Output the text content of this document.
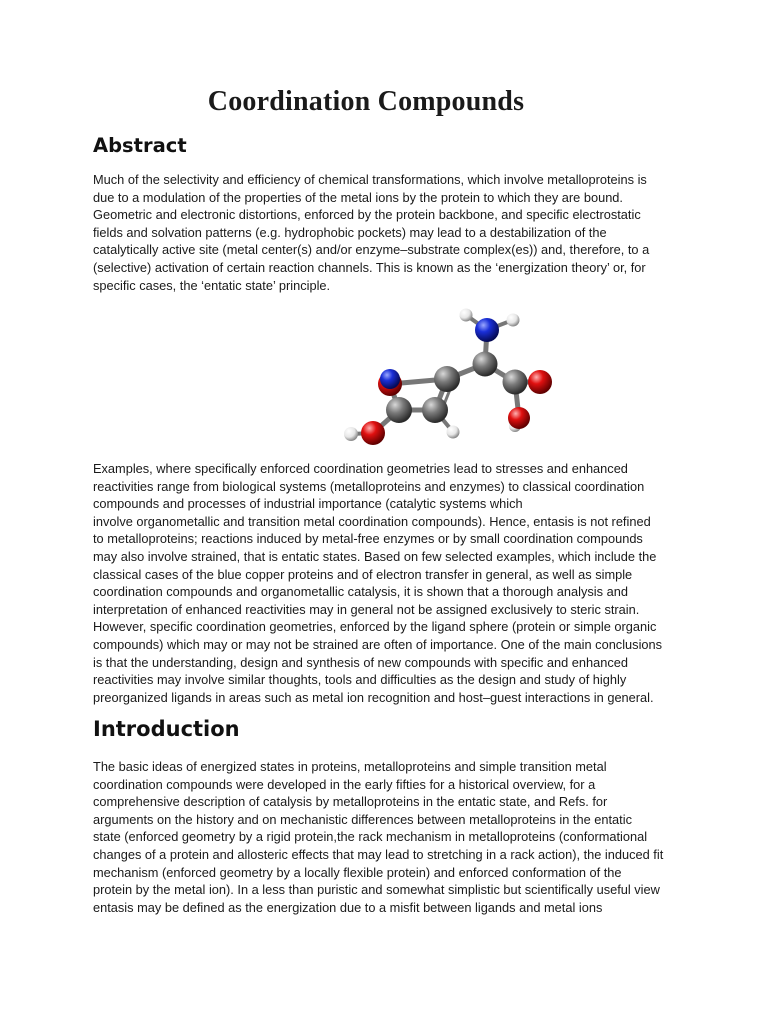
Coordination Compounds
Abstract

Much of the selectivity and efficiency of chemical transformations, which involve metalloproteins is
due to a modulation of the properties of the metal ions by the protein to which they are bound.
Geometric and electronic distortions, enforced by the protein backbone, and specific electrostatic
fields and solvation patterns (e.g. hydrophobic pockets) may lead to a destabilization of the
catalytically active site (metal center(s) and/or enzyme–substrate complex(es)) and, therefore, to a
(selective) activation of certain reaction channels. This is known as the ‘energization theory’ or, for
specific cases, the ‘entatic state’ principle.

Examples, where specifically enforced coordination geometries lead to stresses and enhanced
reactivities range from biological systems (metalloproteins and enzymes) to classical coordination
compounds and processes of industrial importance (catalytic systems which
involve organometallic and transition metal coordination compounds). Hence, entasis is not refined
to metalloproteins; reactions induced by metal-free enzymes or by small coordination compounds
may also involve strained, that is entatic states. Based on few selected examples, which include the
classical cases of the blue copper proteins and of electron transfer in general, as well as simple
coordination compounds and organometallic catalysis, it is shown that a thorough analysis and
interpretation of enhanced reactivities may in general not be assigned exclusively to steric strain.
However, specific coordination geometries, enforced by the ligand sphere (protein or simple organic
compounds) which may or may not be strained are often of importance. One of the main conclusions
is that the understanding, design and synthesis of new compounds with specific and enhanced
reactivities may involve similar thoughts, tools and difficulties as the design and study of highly
preorganized ligands in areas such as metal ion recognition and host–guest interactions in general.

Introduction

The basic ideas of energized states in proteins, metalloproteins and simple transition metal
coordination compounds were developed in the early fifties for a historical overview, for a
comprehensive description of catalysis by metalloproteins in the entatic state, and Refs. for
arguments on the history and on mechanistic differences between metalloproteins in the entatic
state (enforced geometry by a rigid protein,the rack mechanism in metalloproteins (conformational
changes of a protein and allosteric effects that may lead to stretching in a rack action), the induced fit
mechanism (enforced geometry by a locally flexible protein) and enforced conformation of the
protein by the metal ion). In a less than puristic and somewhat simplistic but scientifically useful view
entasis may be defined as the energization due to a misfit between ligands and metal ions
